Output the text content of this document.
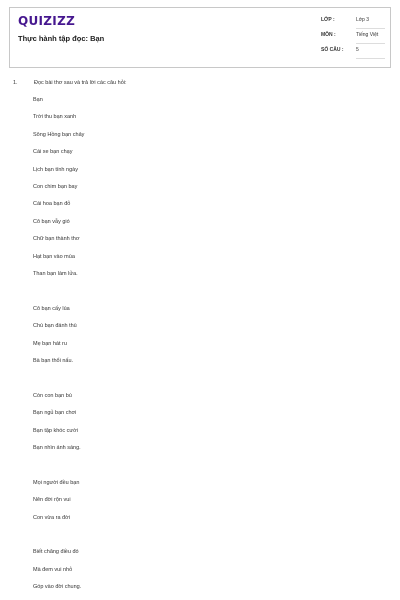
QUIZIZZ
Thực hành tập đọc: Bạn
LỚP :	Lớp 3
MÔN :	Tiếng Việt
SỐ CÂU :	5
1.	Đọc bài thơ sau và trả lời các câu hỏi:
Bạn
Trời thu bạn xanh
Sông Hồng bạn chảy
Cái xe bạn chạy
Lịch bạn tính ngày
Con chim bạn bay
Cái hoa bạn đỏ
Cô bạn vẫy gió
Chữ bạn thành thơ
Hạt bạn vào mùa
Than bạn làm lửa.
Cô bạn cấy lúa
Chú bạn đánh thù
Mẹ bạn hát ru
Bà bạn thổi nấu.
Còn con bạn bú
Bạn ngủ bạn chơi
Bạn tập khóc cười
Bạn nhìn ánh sáng.
Mọi người đều bạn
Nên đời rộn vui
Con vừa ra đời
Biết chăng điều đó
Mà đem vui nhỏ
Góp vào đời chung.
